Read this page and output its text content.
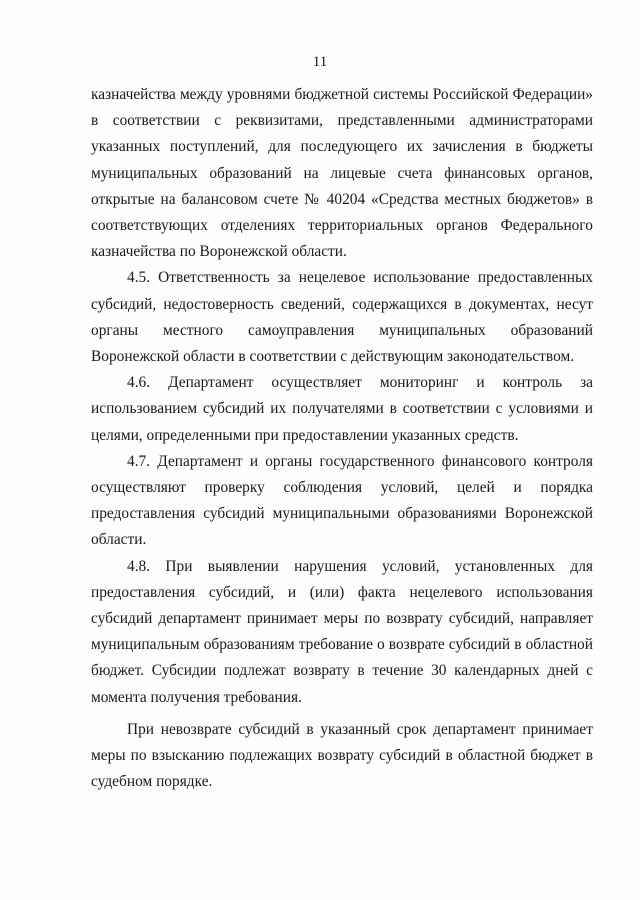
11

казначейства между уровнями бюджетной системы Российской Федерации» в соответствии с реквизитами, представленными администраторами указанных поступлений, для последующего их зачисления в бюджеты муниципальных образований на лицевые счета финансовых органов, открытые на балансовом счете № 40204 «Средства местных бюджетов» в соответствующих отделениях территориальных органов Федерального казначейства по Воронежской области.

4.5. Ответственность за нецелевое использование предоставленных субсидий, недостоверность сведений, содержащихся в документах, несут органы местного самоуправления муниципальных образований Воронежской области в соответствии с действующим законодательством.

4.6. Департамент осуществляет мониторинг и контроль за использованием субсидий их получателями в соответствии с условиями и целями, определенными при предоставлении указанных средств.

4.7. Департамент и органы государственного финансового контроля осуществляют проверку соблюдения условий, целей и порядка предоставления субсидий муниципальными образованиями Воронежской области.

4.8. При выявлении нарушения условий, установленных для предоставления субсидий, и (или) факта нецелевого использования субсидий департамент принимает меры по возврату субсидий, направляет муниципальным образованиям требование о возврате субсидий в областной бюджет. Субсидии подлежат возврату в течение 30 календарных дней с момента получения требования.

При невозврате субсидий в указанный срок департамент принимает меры по взысканию подлежащих возврату субсидий в областной бюджет в судебном порядке.
